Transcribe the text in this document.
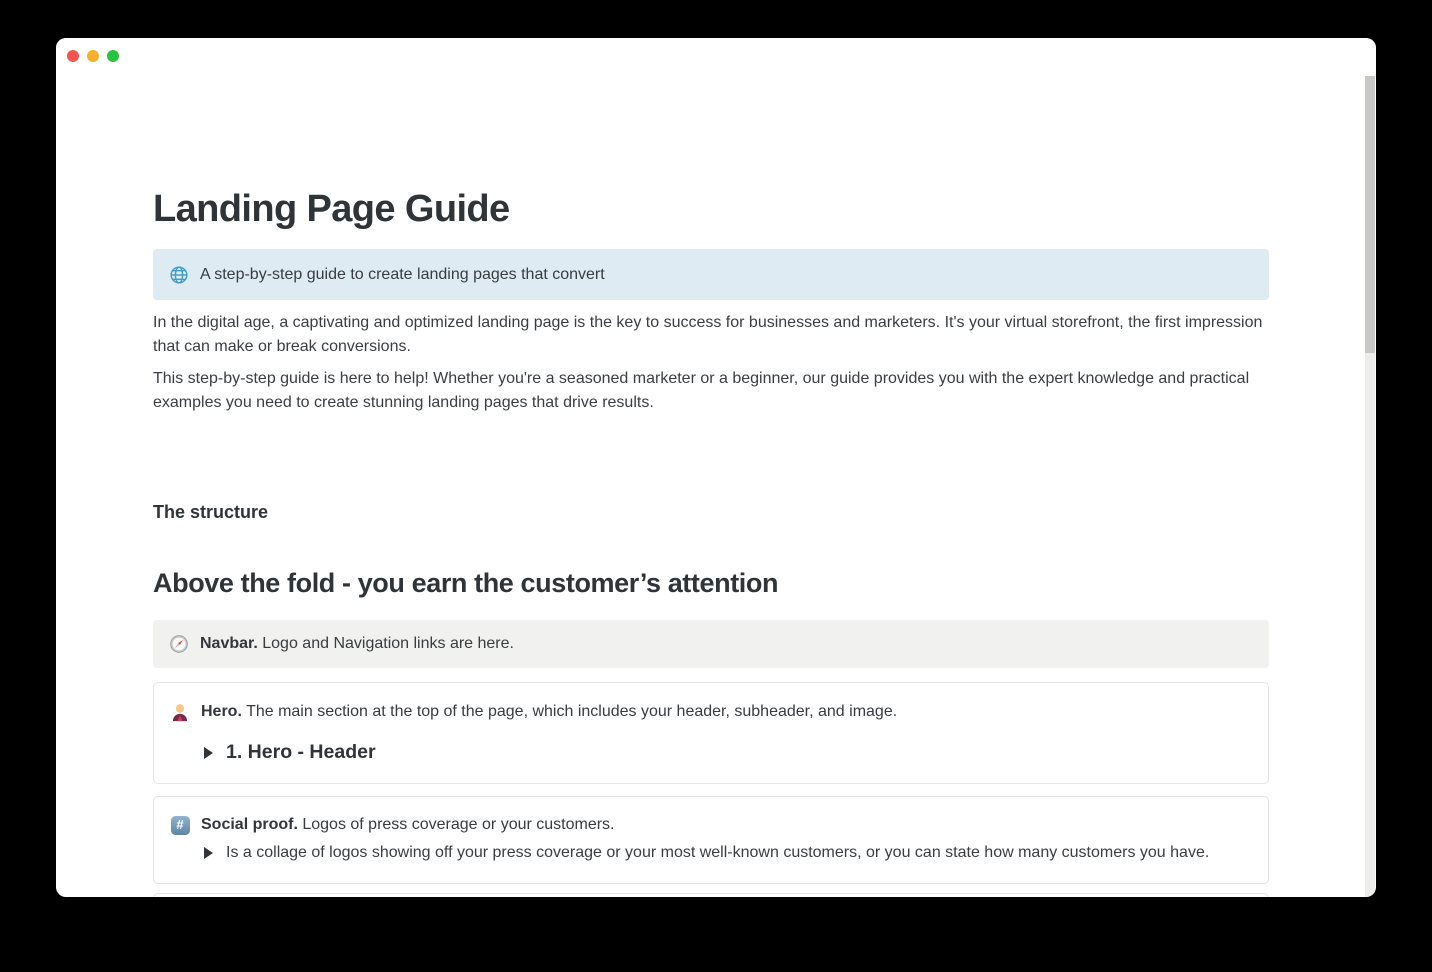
Landing Page Guide
A step-by-step guide to create landing pages that convert

In the digital age, a captivating and optimized landing page is the key to success for businesses and marketers. It's your virtual storefront, the first impression that can make or break conversions.

This step-by-step guide is here to help! Whether you're a seasoned marketer or a beginner, our guide provides you with the expert knowledge and practical examples you need to create stunning landing pages that drive results.

The structure
Above the fold - you earn the customer’s attention
Navbar. Logo and Navigation links are here.
Hero. The main section at the top of the page, which includes your header, subheader, and image.
1. Hero - Header
#	Social proof. Logos of press coverage or your customers.
Is a collage of logos showing off your press coverage or your most well-known customers, or you can state how many customers you have.
